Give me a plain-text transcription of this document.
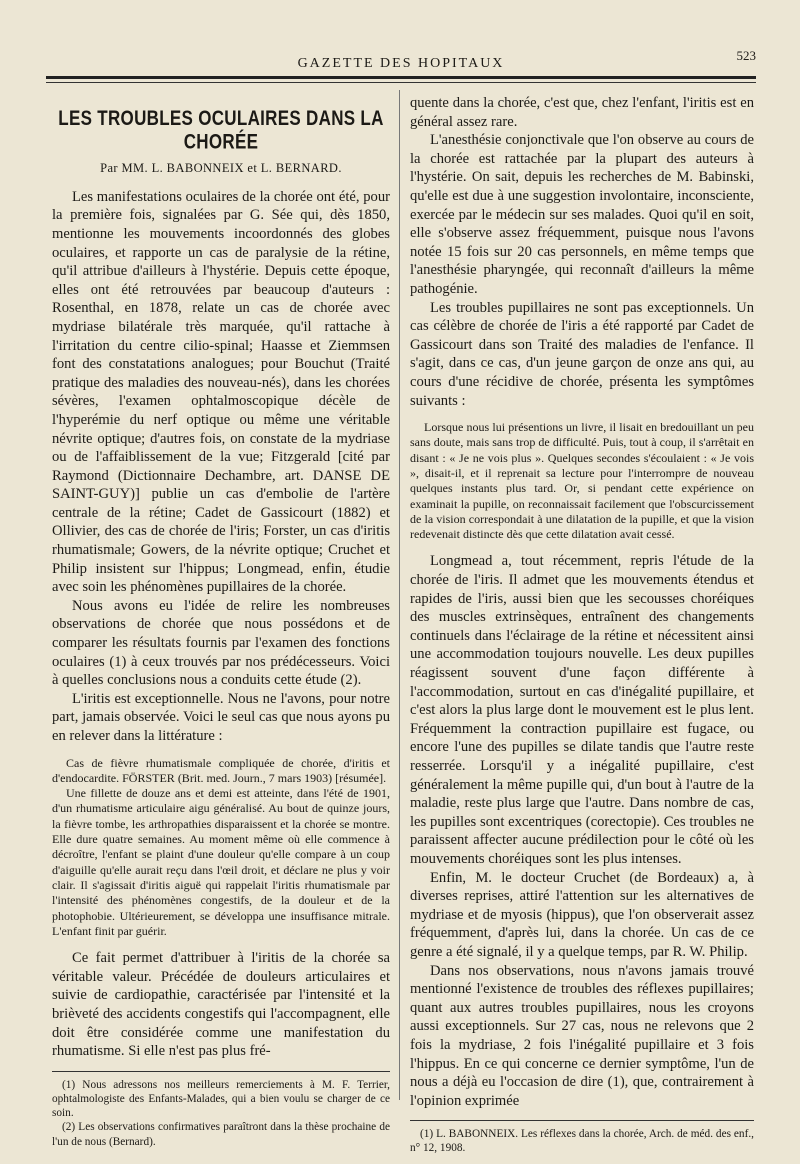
GAZETTE DES HOPITAUX
523
LES TROUBLES OCULAIRES DANS LA CHORÉE
Par MM. L. BABONNEIX et L. BERNARD.

Les manifestations oculaires de la chorée ont été, pour la première fois, signalées par G. Sée qui, dès 1850, mentionne les mouvements incoordonnés des globes oculaires, et rapporte un cas de paralysie de la rétine, qu'il attribue d'ailleurs à l'hystérie. Depuis cette époque, elles ont été retrouvées par beaucoup d'auteurs : Rosenthal, en 1878, relate un cas de chorée avec mydriase bilatérale très marquée, qu'il rattache à l'irritation du centre cilio-spinal; Haasse et Ziemmsen font des constatations analogues; pour Bouchut (Traité pratique des maladies des nouveau-nés), dans les chorées sévères, l'examen ophtalmoscopique décèle de l'hyperémie du nerf optique ou même une véritable névrite optique; d'autres fois, on constate de la mydriase ou de l'affaiblissement de la vue; Fitzgerald [cité par Raymond (Dictionnaire Dechambre, art. DANSE DE SAINT-GUY)] publie un cas d'embolie de l'artère centrale de la rétine; Cadet de Gassicourt (1882) et Ollivier, des cas de chorée de l'iris; Forster, un cas d'iritis rhumatismale; Gowers, de la névrite optique; Cruchet et Philip insistent sur l'hippus; Longmead, enfin, étudie avec soin les phénomènes pupillaires de la chorée.

Nous avons eu l'idée de relire les nombreuses observations de chorée que nous possédons et de comparer les résultats fournis par l'examen des fonctions oculaires (1) à ceux trouvés par nos prédécesseurs. Voici à quelles conclusions nous a conduits cette étude (2).

L'iritis est exceptionnelle. Nous ne l'avons, pour notre part, jamais observée. Voici le seul cas que nous ayons pu en relever dans la littérature :

Cas de fièvre rhumatismale compliquée de chorée, d'iritis et d'endocardite. FÖRSTER (Brit. med. Journ., 7 mars 1903) [résumée].

Une fillette de douze ans et demi est atteinte, dans l'été de 1901, d'un rhumatisme articulaire aigu généralisé. Au bout de quinze jours, la fièvre tombe, les arthropathies disparaissent et la chorée se montre. Elle dure quatre semaines. Au moment même où elle commence à décroître, l'enfant se plaint d'une douleur qu'elle compare à un coup d'aiguille qu'elle aurait reçu dans l'œil droit, et déclare ne plus y voir clair. Il s'agissait d'iritis aiguë qui rappelait l'iritis rhumatismale par l'intensité des phénomènes congestifs, de la douleur et de la photophobie. Ultérieurement, se développa une insuffisance mitrale. L'enfant finit par guérir.

Ce fait permet d'attribuer à l'iritis de la chorée sa véritable valeur. Précédée de douleurs articulaires et suivie de cardiopathie, caractérisée par l'intensité et la brièveté des accidents congestifs qui l'accompagnent, elle doit être considérée comme une manifestation du rhumatisme. Si elle n'est pas plus fré-

(1) Nous adressons nos meilleurs remerciements à M. F. Terrier, ophtalmologiste des Enfants-Malades, qui a bien voulu se charger de ce soin.

(2) Les observations confirmatives paraîtront dans la thèse prochaine de l'un de nous (Bernard).

quente dans la chorée, c'est que, chez l'enfant, l'iritis est en général assez rare.

L'anesthésie conjonctivale que l'on observe au cours de la chorée est rattachée par la plupart des auteurs à l'hystérie. On sait, depuis les recherches de M. Babinski, qu'elle est due à une suggestion involontaire, inconsciente, exercée par le médecin sur ses malades. Quoi qu'il en soit, elle s'observe assez fréquemment, puisque nous l'avons notée 15 fois sur 20 cas personnels, en même temps que l'anesthésie pharyngée, qui reconnaît d'ailleurs la même pathogénie.

Les troubles pupillaires ne sont pas exceptionnels. Un cas célèbre de chorée de l'iris a été rapporté par Cadet de Gassicourt dans son Traité des maladies de l'enfance. Il s'agit, dans ce cas, d'un jeune garçon de onze ans qui, au cours d'une récidive de chorée, présenta les symptômes suivants :

Lorsque nous lui présentions un livre, il lisait en bredouillant un peu sans doute, mais sans trop de difficulté. Puis, tout à coup, il s'arrêtait en disant : « Je ne vois plus ». Quelques secondes s'écoulaient : « Je vois », disait-il, et il reprenait sa lecture pour l'interrompre de nouveau quelques instants plus tard. Or, si pendant cette expérience on examinait la pupille, on reconnaissait facilement que l'obscurcissement de la vision correspondait à une dilatation de la pupille, et que la vision redevenait distincte dès que cette dilatation avait cessé.

Longmead a, tout récemment, repris l'étude de la chorée de l'iris. Il admet que les mouvements étendus et rapides de l'iris, aussi bien que les secousses choréiques des muscles extrinsèques, entraînent des changements continuels dans l'éclairage de la rétine et nécessitent ainsi une accommodation toujours nouvelle. Les deux pupilles réagissent souvent d'une façon différente à l'accommodation, surtout en cas d'inégalité pupillaire, et c'est alors la plus large dont le mouvement est le plus lent. Fréquemment la contraction pupillaire est fugace, ou encore l'une des pupilles se dilate tandis que l'autre reste resserrée. Lorsqu'il y a inégalité pupillaire, c'est généralement la même pupille qui, d'un bout à l'autre de la maladie, reste plus large que l'autre. Dans nombre de cas, les pupilles sont excentriques (corectopie). Ces troubles ne paraissent affecter aucune prédilection pour le côté où les mouvements choréiques sont les plus intenses.

Enfin, M. le docteur Cruchet (de Bordeaux) a, à diverses reprises, attiré l'attention sur les alternatives de mydriase et de myosis (hippus), que l'on observerait assez fréquemment, d'après lui, dans la chorée. Un cas de ce genre a été signalé, il y a quelque temps, par R. W. Philip.

Dans nos observations, nous n'avons jamais trouvé mentionné l'existence de troubles des réflexes pupillaires; quant aux autres troubles pupillaires, nous les croyons aussi exceptionnels. Sur 27 cas, nous ne relevons que 2 fois la mydriase, 2 fois l'inégalité pupillaire et 3 fois l'hippus. En ce qui concerne ce dernier symptôme, l'un de nous a déjà eu l'occasion de dire (1), que, contrairement à l'opinion exprimée

(1) L. BABONNEIX. Les réflexes dans la chorée, Arch. de méd. des enf., n° 12, 1908.
